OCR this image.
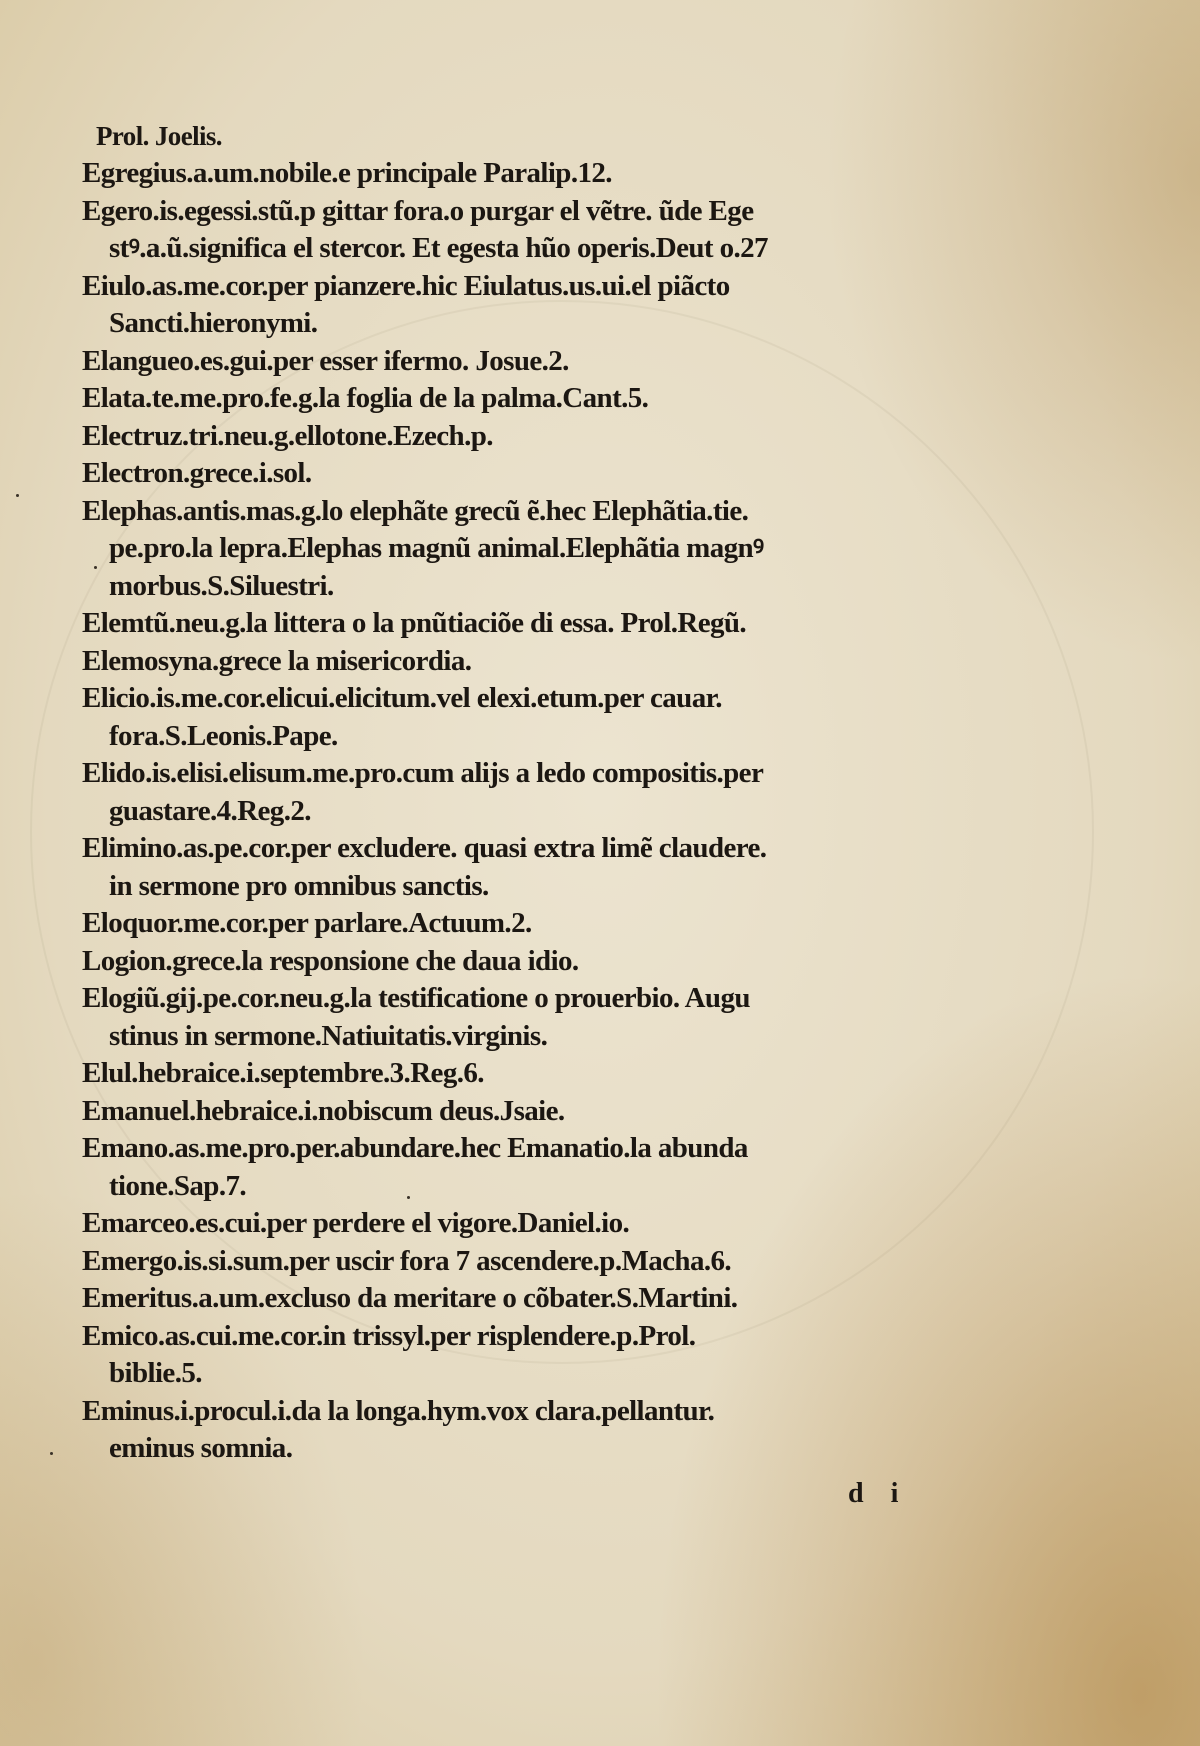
Prol. Joelis.
Egregius.a.um.nobile.e principale Paralip.12.
Egero.is.egessi.stũ.p gittar fora.o purgar el vẽtre. ũde Ege
stꝰ.a.ũ.significa el stercor. Et egesta hũo operis.Deut o.27
Eiulo.as.me.cor.per pianzere.hic Eiulatus.us.ui.el piãcto
Sancti.hieronymi.
Elangueo.es.gui.per esser ifermo. Josue.2.
Elata.te.me.pro.fe.g.la foglia de la palma.Cant.5.
Electruz.tri.neu.g.ellotone.Ezech.p.
Electron.grece.i.sol.
Elephas.antis.mas.g.lo elephãte grecũ ẽ.hec Elephãtia.tie.
pe.pro.la lepra.Elephas magnũ animal.Elephãtia magnꝰ
morbus.S.Siluestri.
Elemtũ.neu.g.la littera o la pnũtiaciõe di essa. Prol.Regũ.
Elemosyna.grece la misericordia.
Elicio.is.me.cor.elicui.elicitum.vel elexi.etum.per cauar.
fora.S.Leonis.Pape.
Elido.is.elisi.elisum.me.pro.cum alijs a ledo compositis.per
guastare.4.Reg.2.
Elimino.as.pe.cor.per excludere. quasi extra limẽ claudere.
in sermone pro omnibus sanctis.
Eloquor.me.cor.per parlare.Actuum.2.
Logion.grece.la responsione che daua idio.
Elogiũ.gij.pe.cor.neu.g.la testificatione o prouerbio. Augu
stinus in sermone.Natiuitatis.virginis.
Elul.hebraice.i.septembre.3.Reg.6.
Emanuel.hebraice.i.nobiscum deus.Jsaie.
Emano.as.me.pro.per.abundare.hec Emanatio.la abunda
tione.Sap.7.
Emarceo.es.cui.per perdere el vigore.Daniel.io.
Emergo.is.si.sum.per uscir fora 7 ascendere.p.Macha.6.
Emeritus.a.um.excluso da meritare o cõbater.S.Martini.
Emico.as.cui.me.cor.in trissyl.per risplendere.p.Prol.
biblie.5.
Eminus.i.procul.i.da la longa.hym.vox clara.pellantur.
eminus somnia.
d i
